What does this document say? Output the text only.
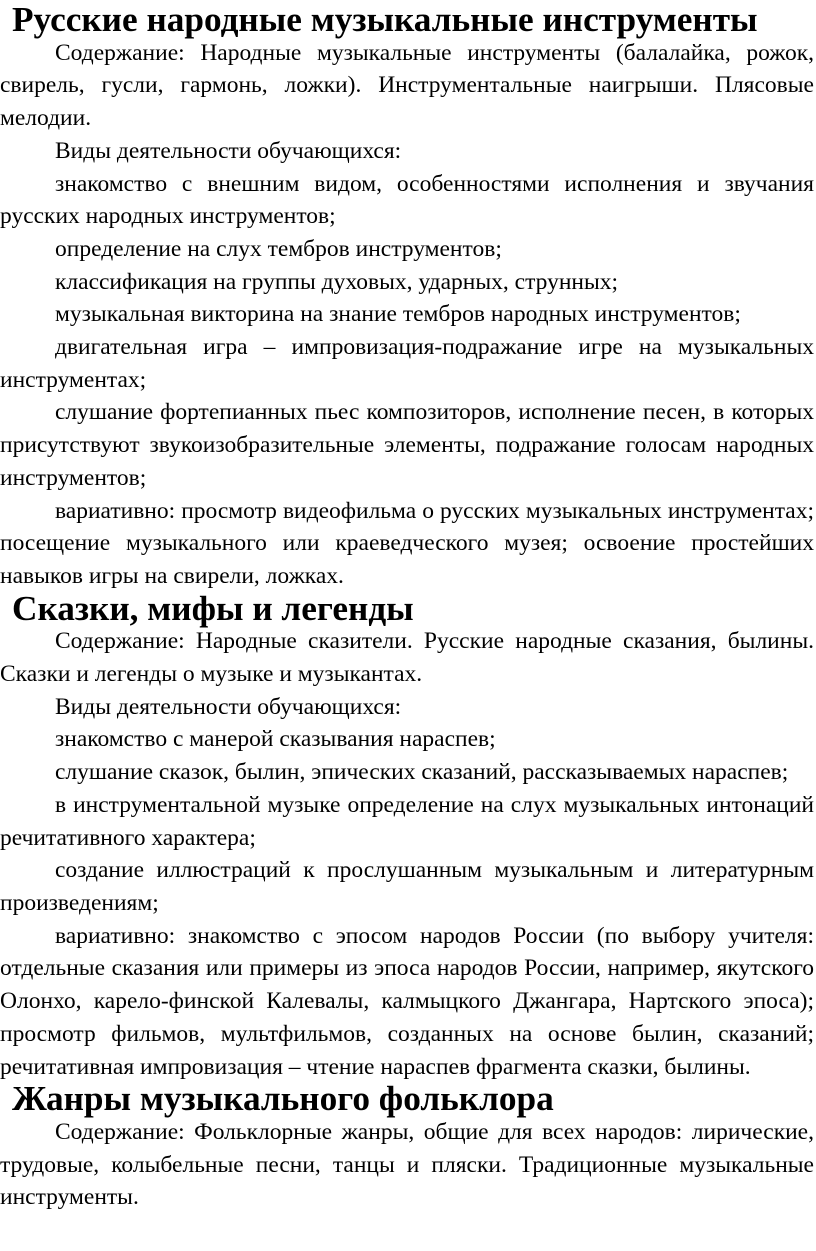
Русские народные музыкальные инструменты

Содержание: Народные музыкальные инструменты (балалайка, рожок, свирель, гусли, гармонь, ложки). Инструментальные наигрыши. Плясовые мелодии.

Виды деятельности обучающихся:

знакомство с внешним видом, особенностями исполнения и звучания русских народных инструментов;

определение на слух тембров инструментов;

классификация на группы духовых, ударных, струнных;

музыкальная викторина на знание тембров народных инструментов;

двигательная игра – импровизация-подражание игре на музыкальных инструментах;

слушание фортепианных пьес композиторов, исполнение песен, в которых присутствуют звукоизобразительные элементы, подражание голосам народных инструментов;

вариативно: просмотр видеофильма о русских музыкальных инструментах; посещение музыкального или краеведческого музея; освоение простейших навыков игры на свирели, ложках.

Сказки, мифы и легенды

Содержание: Народные сказители. Русские народные сказания, былины. Сказки и легенды о музыке и музыкантах.

Виды деятельности обучающихся:

знакомство с манерой сказывания нараспев;

слушание сказок, былин, эпических сказаний, рассказываемых нараспев;

в инструментальной музыке определение на слух музыкальных интонаций речитативного характера;

создание иллюстраций к прослушанным музыкальным и литературным произведениям;

вариативно: знакомство с эпосом народов России (по выбору учителя: отдельные сказания или примеры из эпоса народов России, например, якутского Олонхо, карело-финской Калевалы, калмыцкого Джангара, Нартского эпоса); просмотр фильмов, мультфильмов, созданных на основе былин, сказаний; речитативная импровизация – чтение нараспев фрагмента сказки, былины.

Жанры музыкального фольклора

Содержание: Фольклорные жанры, общие для всех народов: лирические, трудовые, колыбельные песни, танцы и пляски. Традиционные музыкальные инструменты.
